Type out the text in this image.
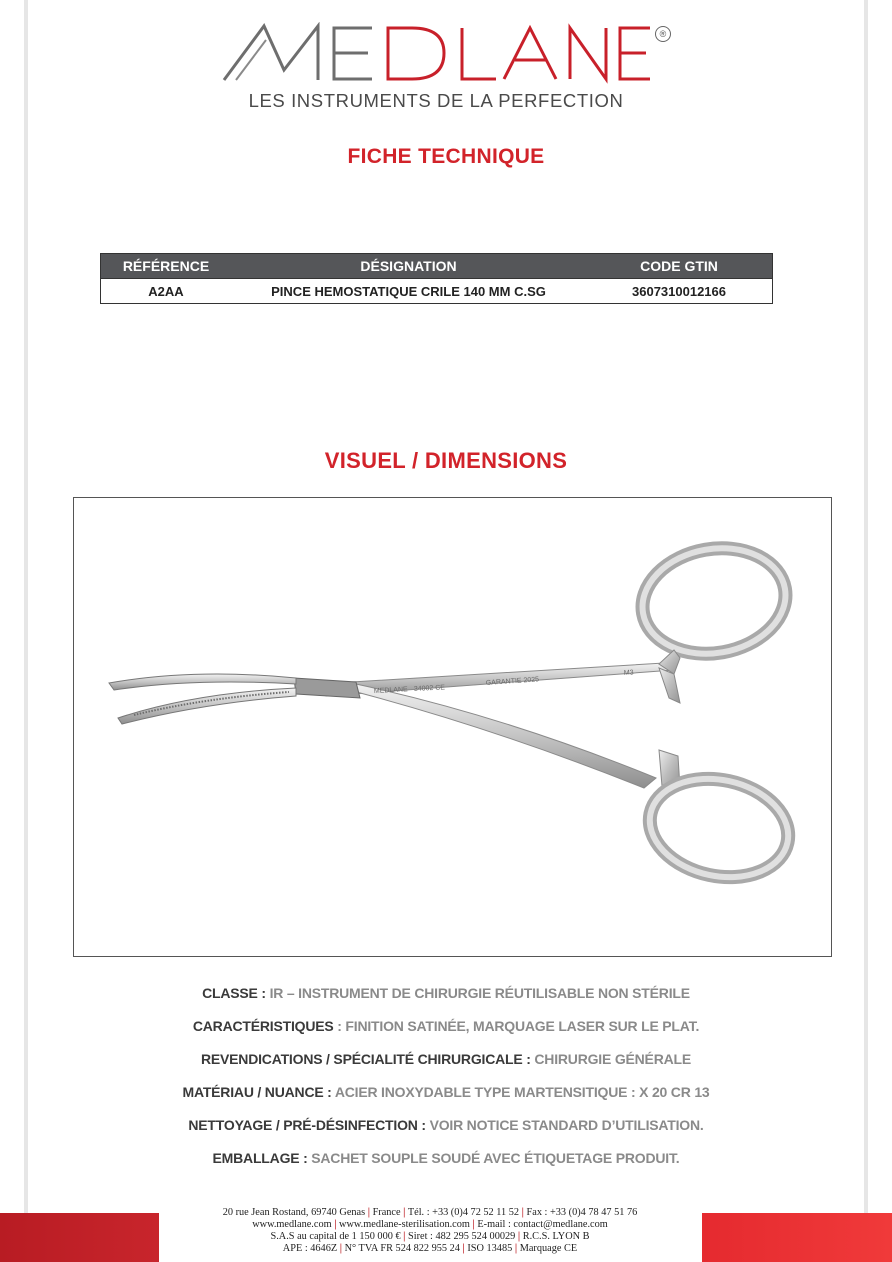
®
LES INSTRUMENTS DE LA PERFECTION
FICHE TECHNIQUE
RÉFÉRENCE	DÉSIGNATION	CODE GTIN
A2AA	PINCE HEMOSTATIQUE CRILE 140 MM C.SG	3607310012166
VISUEL / DIMENSIONS
MEDLANE 34002 CE
GARANTIE 2025
M3
CLASSE : IR – INSTRUMENT DE CHIRURGIE RÉUTILISABLE NON STÉRILE
CARACTÉRISTIQUES : FINITION SATINÉE, MARQUAGE LASER SUR LE PLAT.
REVENDICATIONS / SPÉCIALITÉ CHIRURGICALE : CHIRURGIE GÉNÉRALE
MATÉRIAU / NUANCE : ACIER INOXYDABLE TYPE MARTENSITIQUE : X 20 CR 13
NETTOYAGE / PRÉ-DÉSINFECTION : VOIR NOTICE STANDARD D’UTILISATION.
EMBALLAGE : SACHET SOUPLE SOUDÉ AVEC ÉTIQUETAGE PRODUIT.
20 rue Jean Rostand, 69740 Genas | France | Tél. : +33 (0)4 72 52 11 52 | Fax : +33 (0)4 78 47 51 76
www.medlane.com | www.medlane-sterilisation.com | E-mail : contact@medlane.com
S.A.S au capital de 1 150 000 € | Siret : 482 295 524 00029 | R.C.S. LYON B
APE : 4646Z | N° TVA FR 524 822 955 24 | ISO 13485 | Marquage CE
